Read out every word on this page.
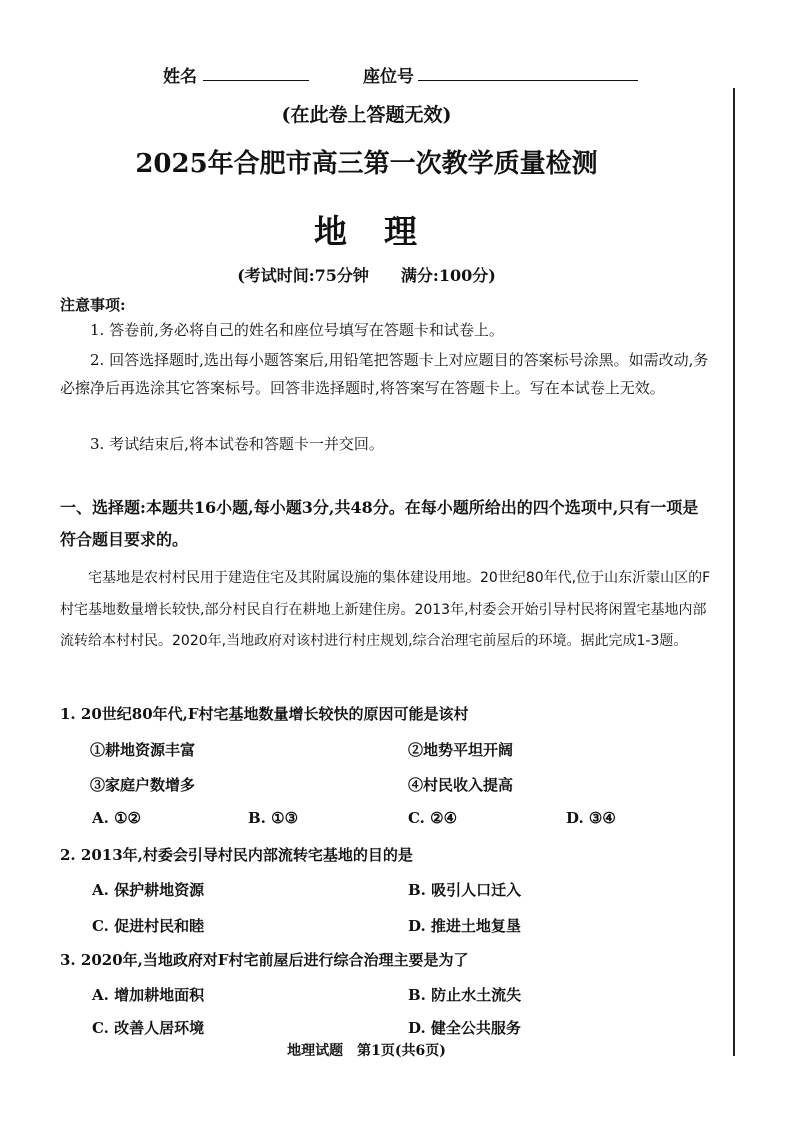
姓名	座位号
(在此卷上答题无效)
2025年合肥市高三第一次教学质量检测
地　理
(考试时间:75分钟　　满分:100分)
注意事项:
1. 答卷前,务必将自己的姓名和座位号填写在答题卡和试卷上。
2. 回答选择题时,选出每小题答案后,用铅笔把答题卡上对应题目的答案标号涂黑。如需改动,务必擦净后再选涂其它答案标号。回答非选择题时,将答案写在答题卡上。写在本试卷上无效。
3. 考试结束后,将本试卷和答题卡一并交回。
一、选择题:本题共16小题,每小题3分,共48分。在每小题所给出的四个选项中,只有一项是符合题目要求的。
宅基地是农村村民用于建造住宅及其附属设施的集体建设用地。20世纪80年代,位于山东沂蒙山区的F村宅基地数量增长较快,部分村民自行在耕地上新建住房。2013年,村委会开始引导村民将闲置宅基地内部流转给本村村民。2020年,当地政府对该村进行村庄规划,综合治理宅前屋后的环境。据此完成1-3题。
1. 20世纪80年代,F村宅基地数量增长较快的原因可能是该村
①耕地资源丰富	②地势平坦开阔
③家庭户数增多	④村民收入提高
A. ①②	B. ①③	C. ②④	D. ③④
2. 2013年,村委会引导村民内部流转宅基地的目的是
A. 保护耕地资源	B. 吸引人口迁入
C. 促进村民和睦	D. 推进土地复垦
3. 2020年,当地政府对F村宅前屋后进行综合治理主要是为了
A. 增加耕地面积	B. 防止水土流失
C. 改善人居环境	D. 健全公共服务
地理试题　第1页(共6页)
